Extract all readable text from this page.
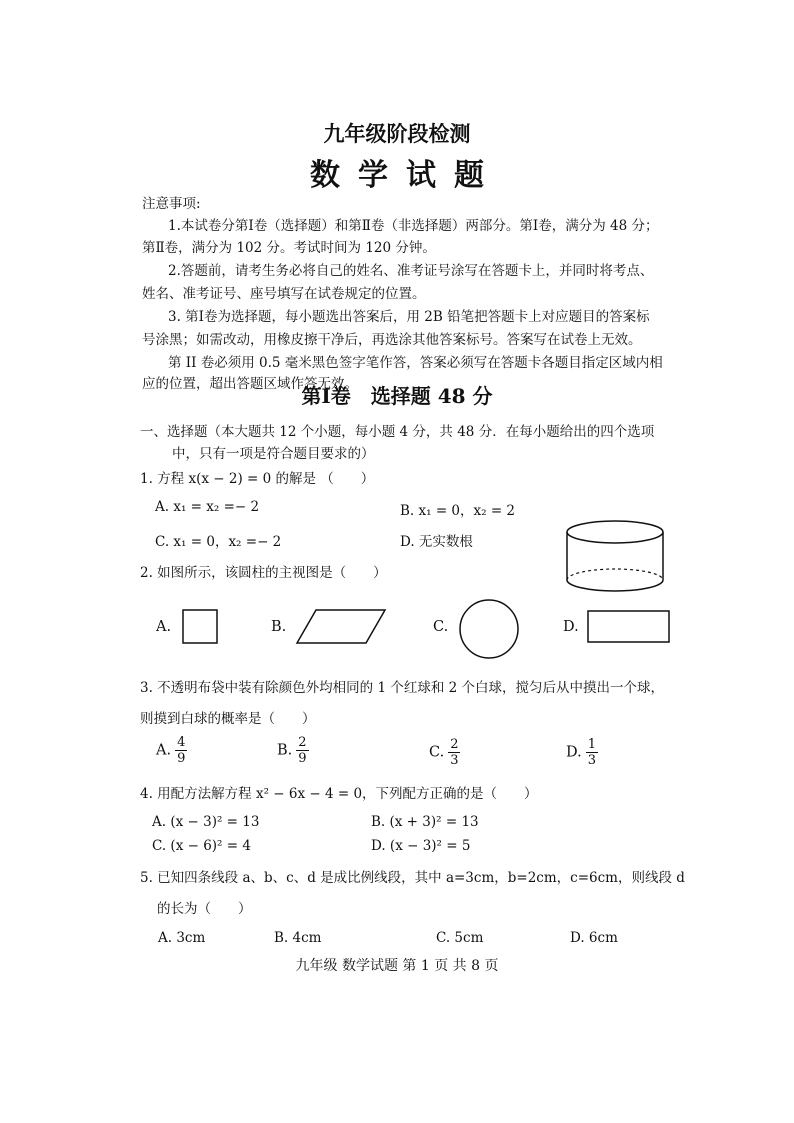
九年级阶段检测
数学试题
注意事项:
1.本试卷分第Ⅰ卷（选择题）和第Ⅱ卷（非选择题）两部分。第Ⅰ卷，满分为 48 分；
第Ⅱ卷，满分为 102 分。考试时间为 120 分钟。
2.答题前，请考生务必将自己的姓名、准考证号涂写在答题卡上，并同时将考点、
姓名、准考证号、座号填写在试卷规定的位置。
3. 第Ⅰ卷为选择题，每小题选出答案后，用 2B 铅笔把答题卡上对应题目的答案标
号涂黑；如需改动，用橡皮擦干净后，再选涂其他答案标号。答案写在试卷上无效。
第 II 卷必须用 0.5 毫米黑色签字笔作答，答案必须写在答题卡各题目指定区域内相
应的位置，超出答题区域作答无效。
第Ⅰ卷　选择题 48 分
一、选择题（本大题共 12 个小题，每小题 4 分，共 48 分．在每小题给出的四个选项
中，只有一项是符合题目要求的）
1. 方程 x(x − 2) = 0 的解是 （　　）
A. x₁ = x₂ =− 2	B. x₁ = 0，x₂ = 2
C. x₁ = 0，x₂ =− 2	D. 无实数根
2. 如图所示，该圆柱的主视图是（　　）
A.	B.	C.	D.
3. 不透明布袋中装有除颜色外均相同的 1 个红球和 2 个白球，搅匀后从中摸出一个球，
则摸到白球的概率是（　　）
A. $\frac{4}{9}$	B. $\frac{2}{9}$	C. $\frac{2}{3}$	D. $\frac{1}{3}$
4. 用配方法解方程 x² − 6x − 4 = 0，下列配方正确的是（　　）
A. (x − 3)² = 13	B. (x + 3)² = 13
C. (x − 6)² = 4	D. (x − 3)² = 5
5. 已知四条线段 a、b、c、d 是成比例线段，其中 a=3cm，b=2cm，c=6cm，则线段 d
的长为（　　）
A. 3cm	B. 4cm	C. 5cm	D. 6cm
九年级 数学试题 第 1 页 共 8 页
